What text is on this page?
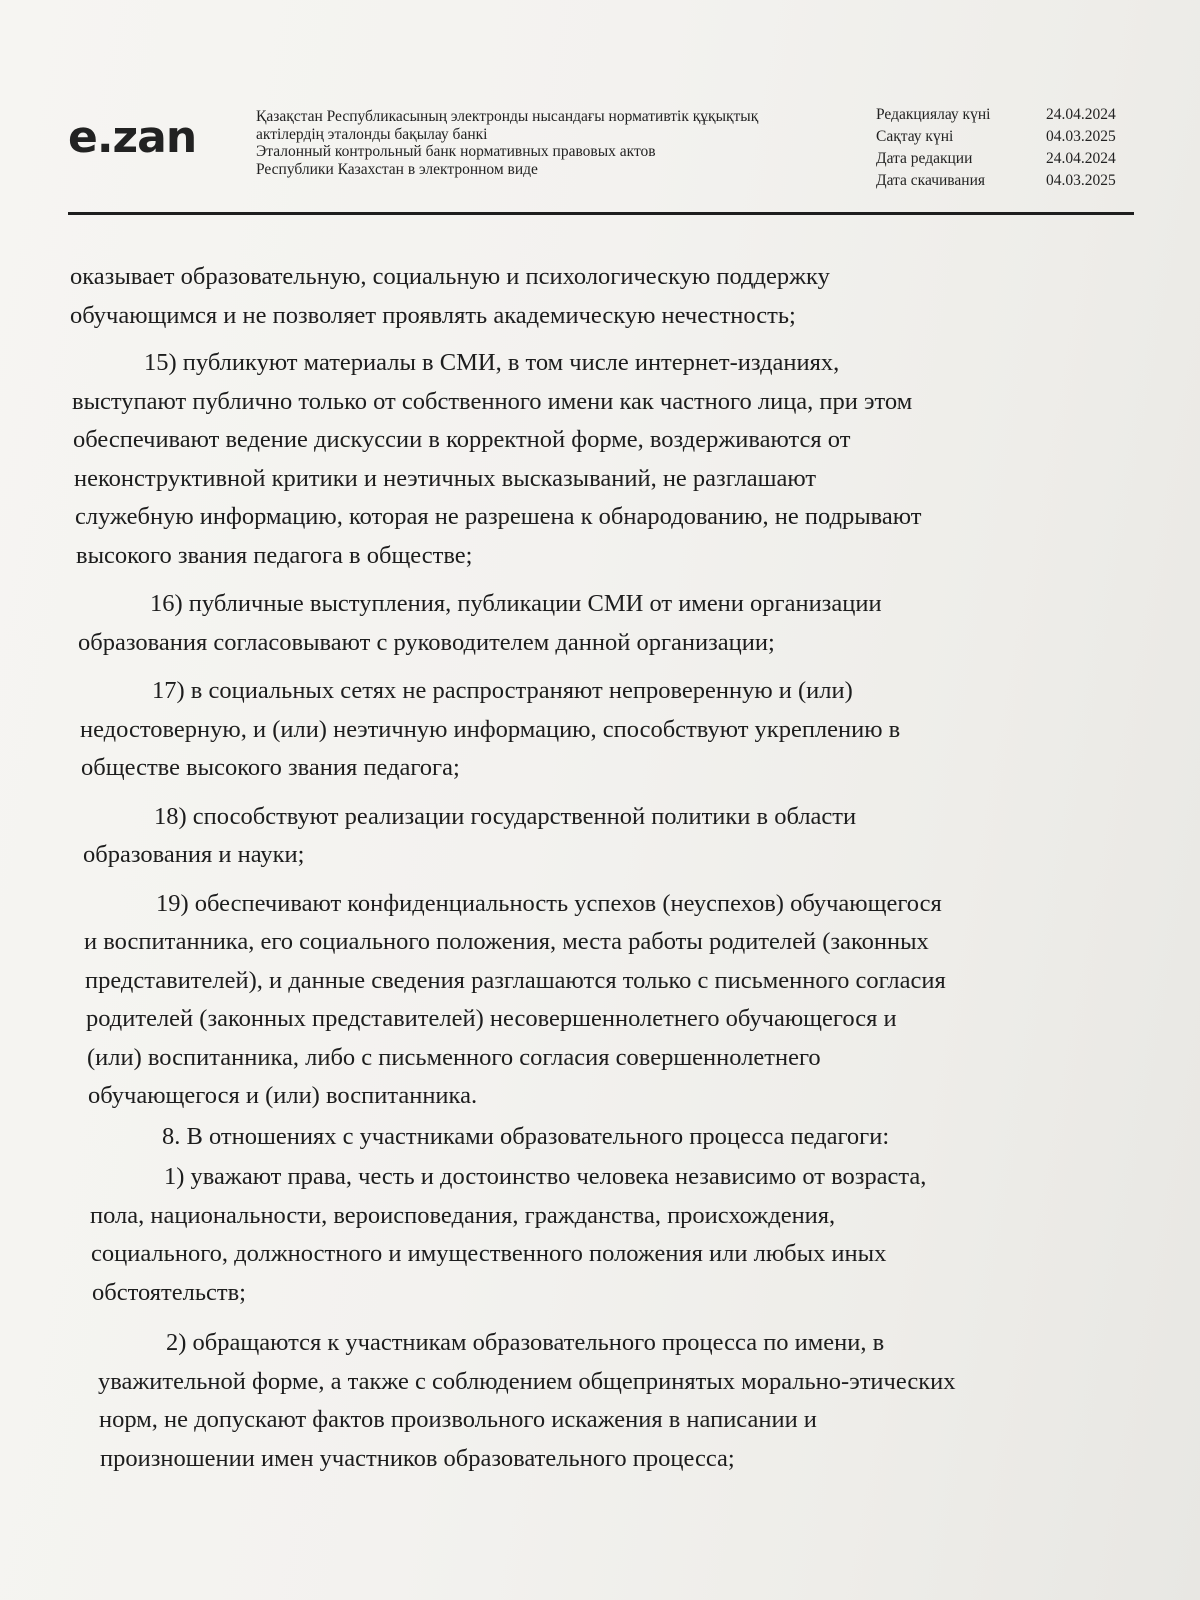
e.zan	Қазақстан Республикасының электронды нысандағы нормативтік құқықтық
актілердің эталонды бақылау банкі
Эталонный контрольный банк нормативных правовых актов
Республики Казахстан в электронном виде
Редакциялау күні	24.04.2024
Сақтау күні	04.03.2025
Дата редакции	24.04.2024
Дата скачивания	04.03.2025

оказывает образовательную, социальную и психологическую поддержку
обучающимся и не позволяет проявлять академическую нечестность;

15) публикуют материалы в СМИ, в том числе интернет-изданиях,
выступают публично только от собственного имени как частного лица, при этом
обеспечивают ведение дискуссии в корректной форме, воздерживаются от
неконструктивной критики и неэтичных высказываний, не разглашают
служебную информацию, которая не разрешена к обнародованию, не подрывают
высокого звания педагога в обществе;

16) публичные выступления, публикации СМИ от имени организации
образования согласовывают с руководителем данной организации;

17) в социальных сетях не распространяют непроверенную и (или)
недостоверную, и (или) неэтичную информацию, способствуют укреплению в
обществе высокого звания педагога;

18) способствуют реализации государственной политики в области
образования и науки;

19) обеспечивают конфиденциальность успехов (неуспехов) обучающегося
и воспитанника, его социального положения, места работы родителей (законных
представителей), и данные сведения разглашаются только с письменного согласия
родителей (законных представителей) несовершеннолетнего обучающегося и
(или) воспитанника, либо с письменного согласия совершеннолетнего
обучающегося и (или) воспитанника.

8. В отношениях с участниками образовательного процесса педагоги:

1) уважают права, честь и достоинство человека независимо от возраста,
пола, национальности, вероисповедания, гражданства, происхождения,
социального, должностного и имущественного положения или любых иных
обстоятельств;

2) обращаются к участникам образовательного процесса по имени, в
уважительной форме, а также с соблюдением общепринятых морально-этических
норм, не допускают фактов произвольного искажения в написании и
произношении имен участников образовательного процесса;
